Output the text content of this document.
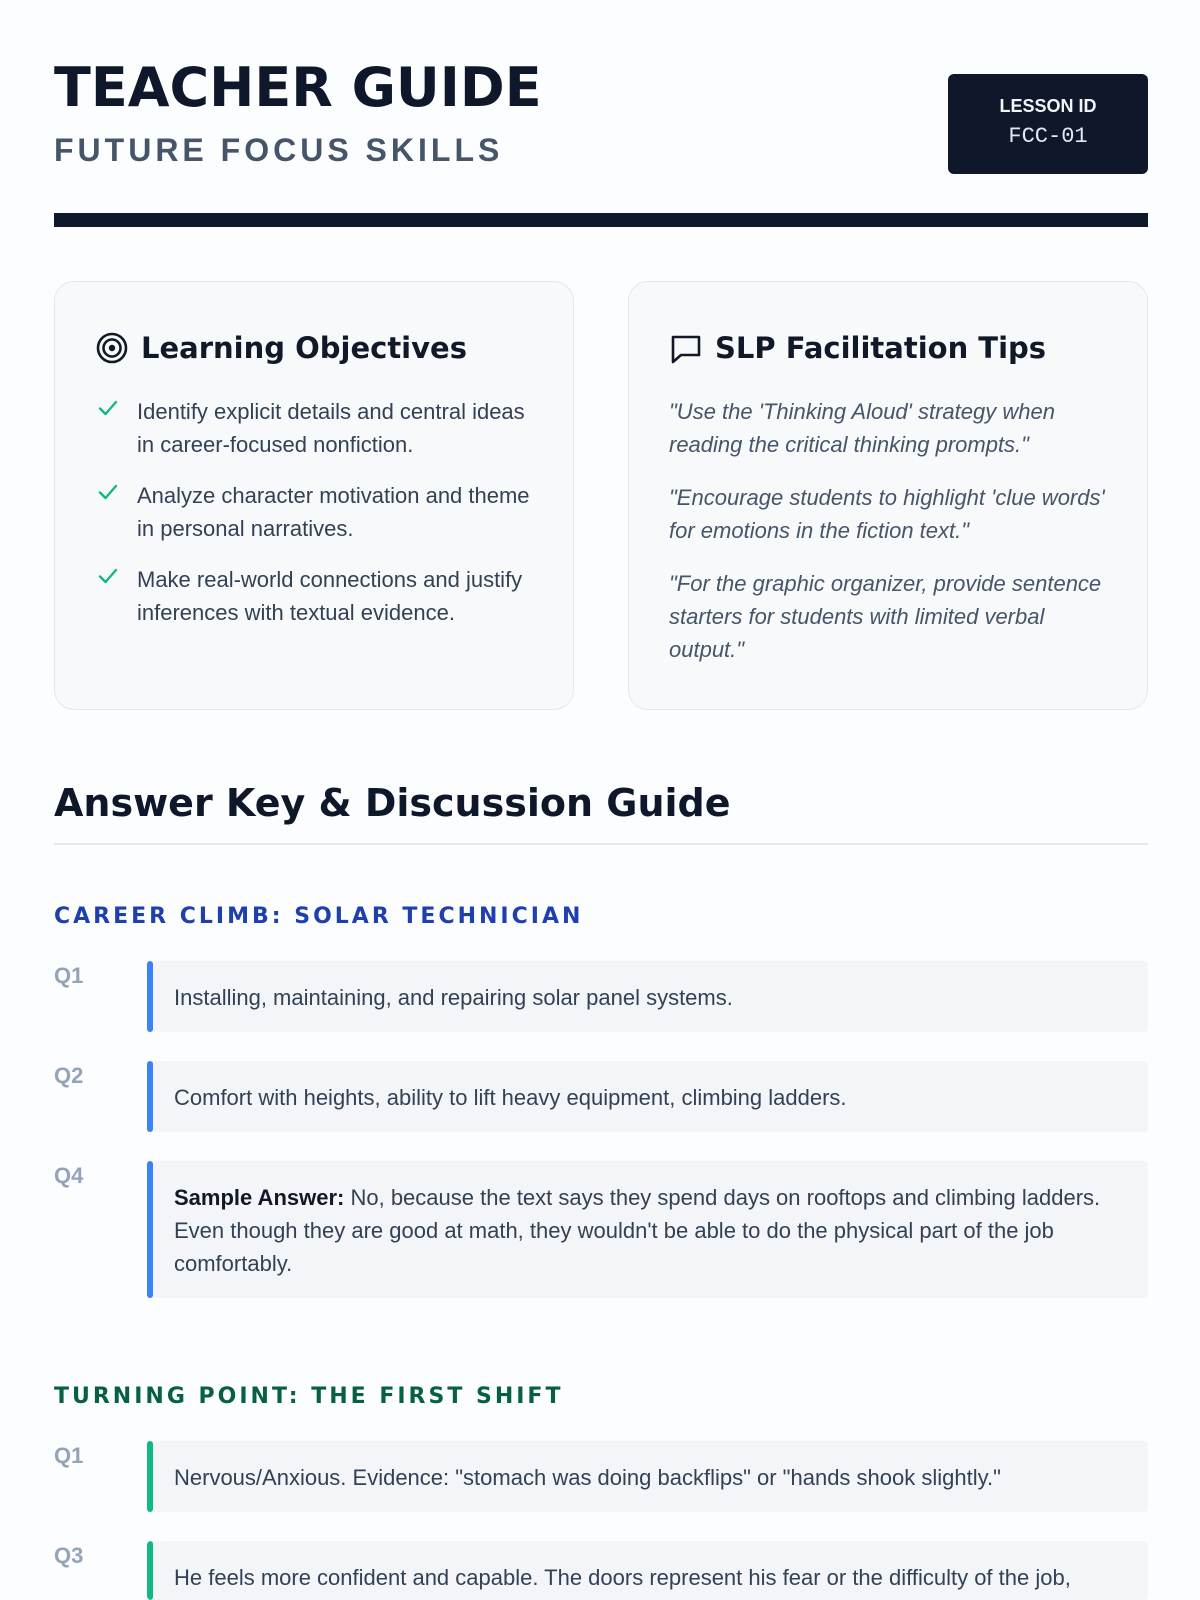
TEACHER GUIDE
FUTURE FOCUS SKILLS
LESSON ID
FCC-01
Learning Objectives
Identify explicit details and central ideas in career-focused nonfiction.
Analyze character motivation and theme in personal narratives.
Make real-world connections and justify inferences with textual evidence.
SLP Facilitation Tips
"Use the 'Thinking Aloud' strategy when reading the critical thinking prompts."
"Encourage students to highlight 'clue words' for emotions in the fiction text."
"For the graphic organizer, provide sentence starters for students with limited verbal output."
Answer Key & Discussion Guide
CAREER CLIMB: SOLAR TECHNICIAN
Q1
Installing, maintaining, and repairing solar panel systems.
Q2
Comfort with heights, ability to lift heavy equipment, climbing ladders.
Q4
Sample Answer: No, because the text says they spend days on rooftops and climbing ladders. Even though they are good at math, they wouldn't be able to do the physical part of the job comfortably.
TURNING POINT: THE FIRST SHIFT
Q1
Nervous/Anxious. Evidence: "stomach was doing backflips" or "hands shook slightly."
Q3
He feels more confident and capable. The doors represent his fear or the difficulty of the job,
